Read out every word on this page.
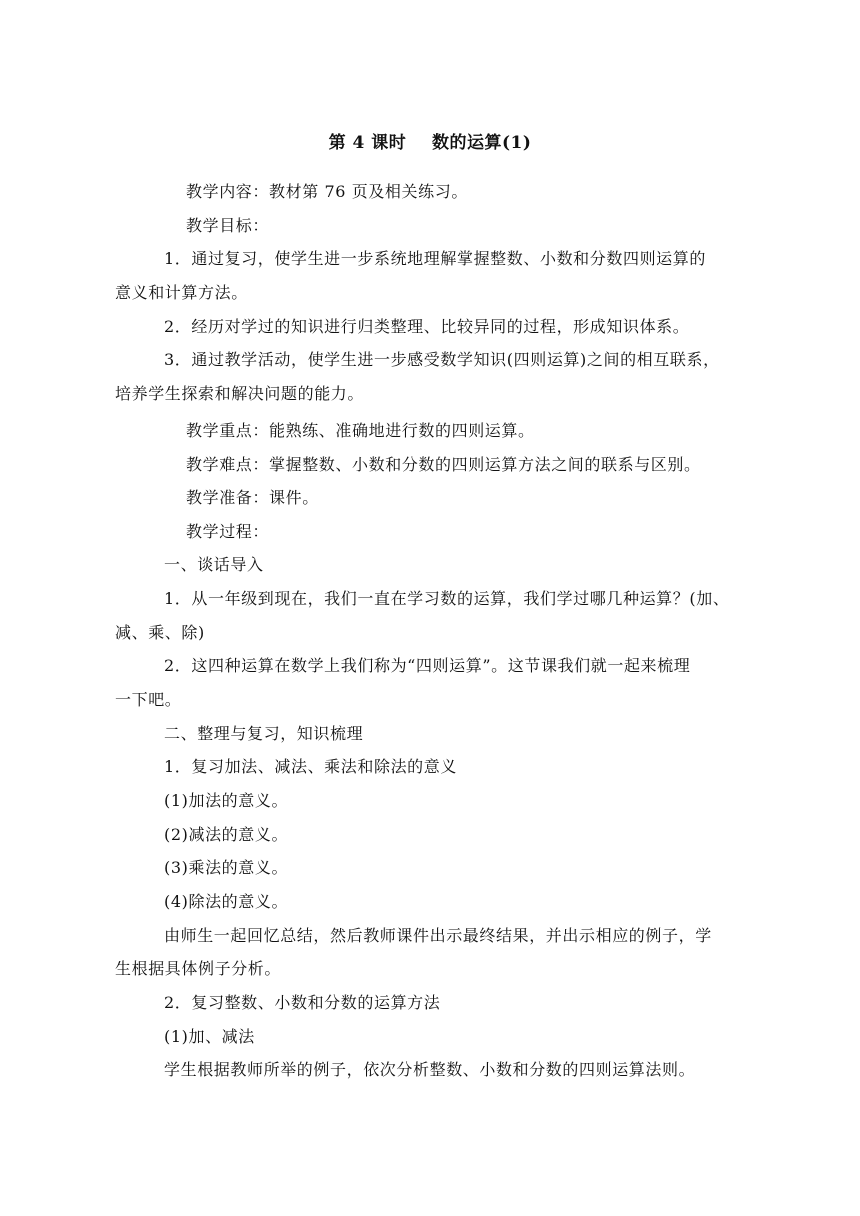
第 4 课时    数的运算(1)
教学内容：教材第 76 页及相关练习。
教学目标：
1．通过复习，使学生进一步系统地理解掌握整数、小数和分数四则运算的
意义和计算方法。
2．经历对学过的知识进行归类整理、比较异同的过程，形成知识体系。
3．通过教学活动，使学生进一步感受数学知识(四则运算)之间的相互联系，
培养学生探索和解决问题的能力。
教学重点：能熟练、准确地进行数的四则运算。
教学难点：掌握整数、小数和分数的四则运算方法之间的联系与区别。
教学准备：课件。
教学过程：
一、谈话导入
1．从一年级到现在，我们一直在学习数的运算，我们学过哪几种运算？(加、
减、乘、除)
2．这四种运算在数学上我们称为“四则运算”。这节课我们就一起来梳理
一下吧。
二、整理与复习，知识梳理
1．复习加法、减法、乘法和除法的意义
(1)加法的意义。
(2)减法的意义。
(3)乘法的意义。
(4)除法的意义。
由师生一起回忆总结，然后教师课件出示最终结果，并出示相应的例子，学
生根据具体例子分析。
2．复习整数、小数和分数的运算方法
(1)加、减法
学生根据教师所举的例子，依次分析整数、小数和分数的四则运算法则。
